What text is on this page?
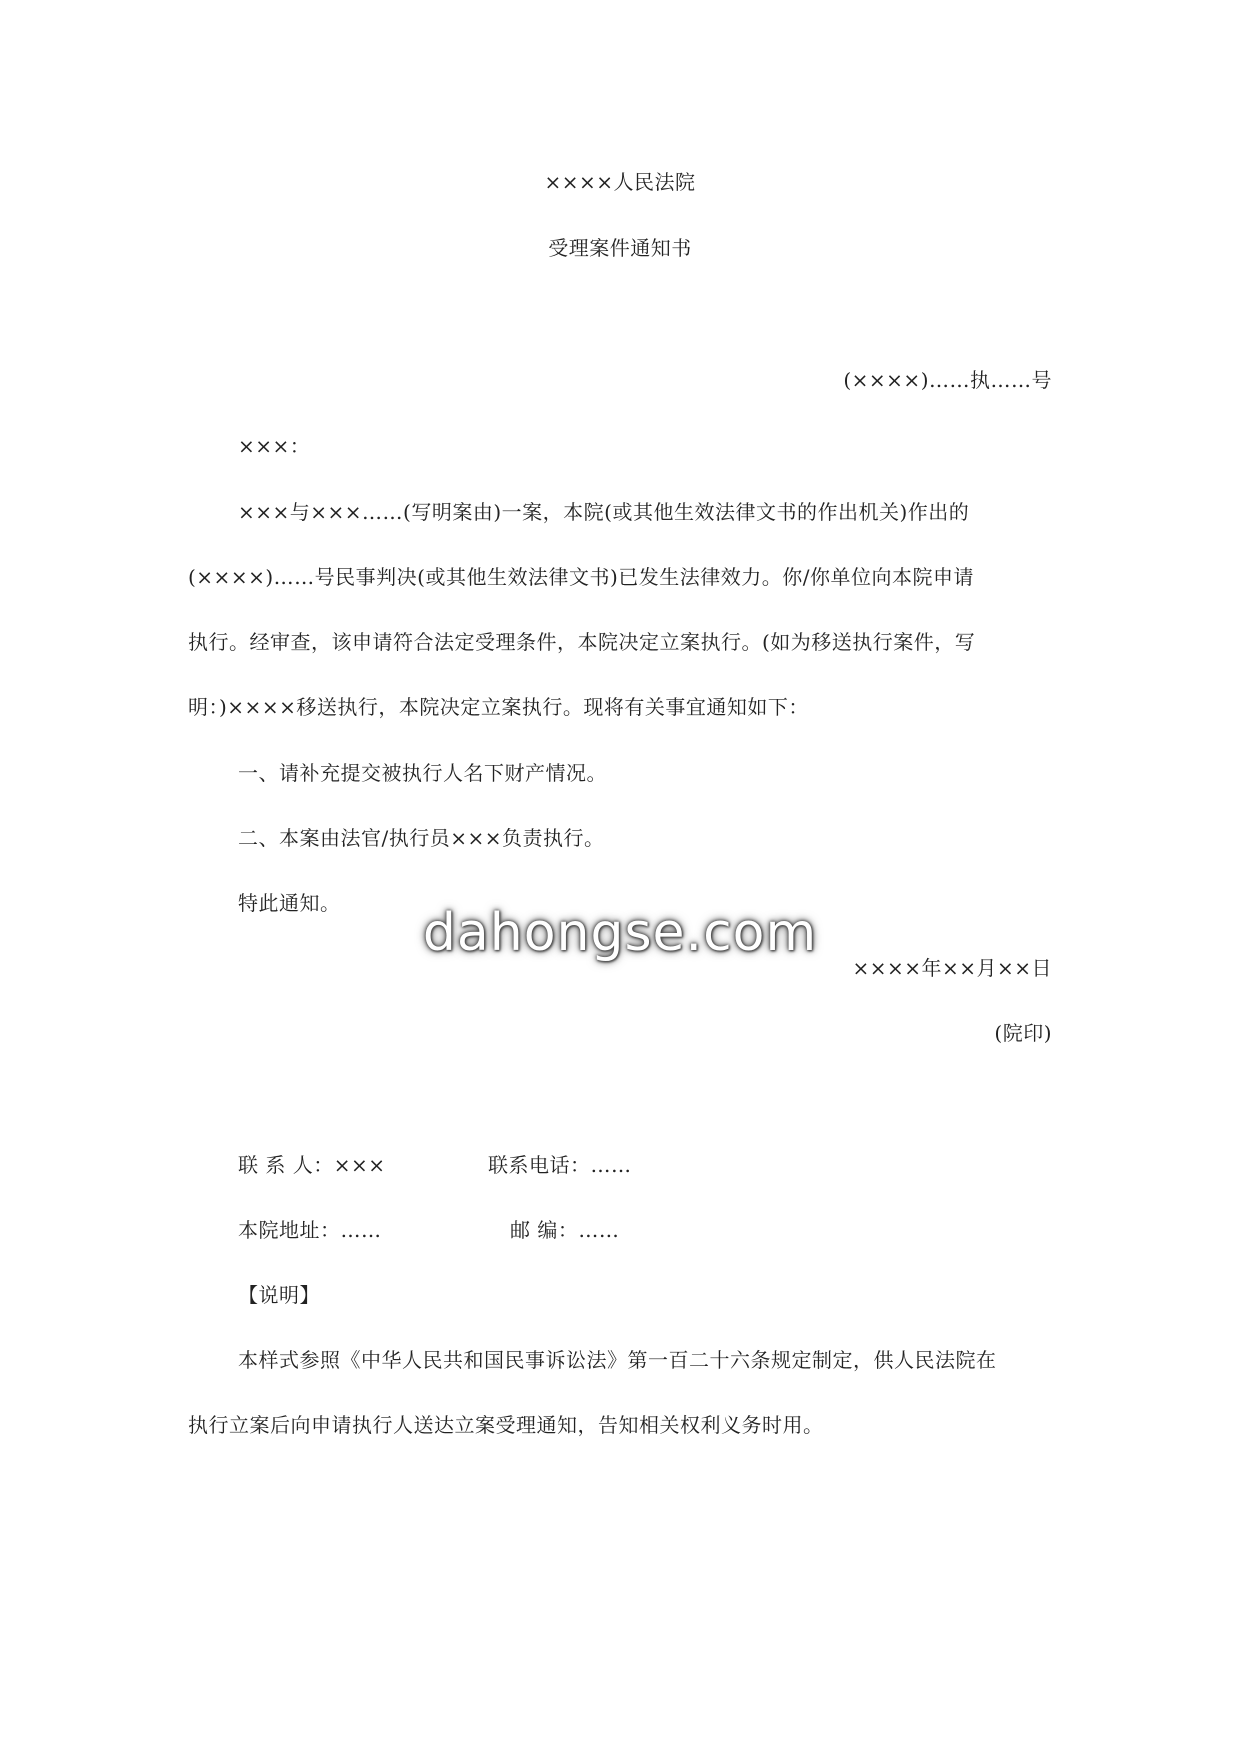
××××人民法院
受理案件通知书
(××××)……执……号
×××：
×××与×××……(写明案由)一案，本院(或其他生效法律文书的作出机关)作出的
(××××)……号民事判决(或其他生效法律文书)已发生法律效力。你/你单位向本院申请
执行。经审查，该申请符合法定受理条件，本院决定立案执行。(如为移送执行案件，写
明：)××××移送执行，本院决定立案执行。现将有关事宜通知如下：
一、请补充提交被执行人名下财产情况。
二、本案由法官/执行员×××负责执行。
特此通知。
××××年××月××日
(院印)
联 系 人：×××	联系电话：……
本院地址：……	邮 编：……
【说明】
本样式参照《中华人民共和国民事诉讼法》第一百二十六条规定制定，供人民法院在
执行立案后向申请执行人送达立案受理通知，告知相关权利义务时用。
dahongse.com
